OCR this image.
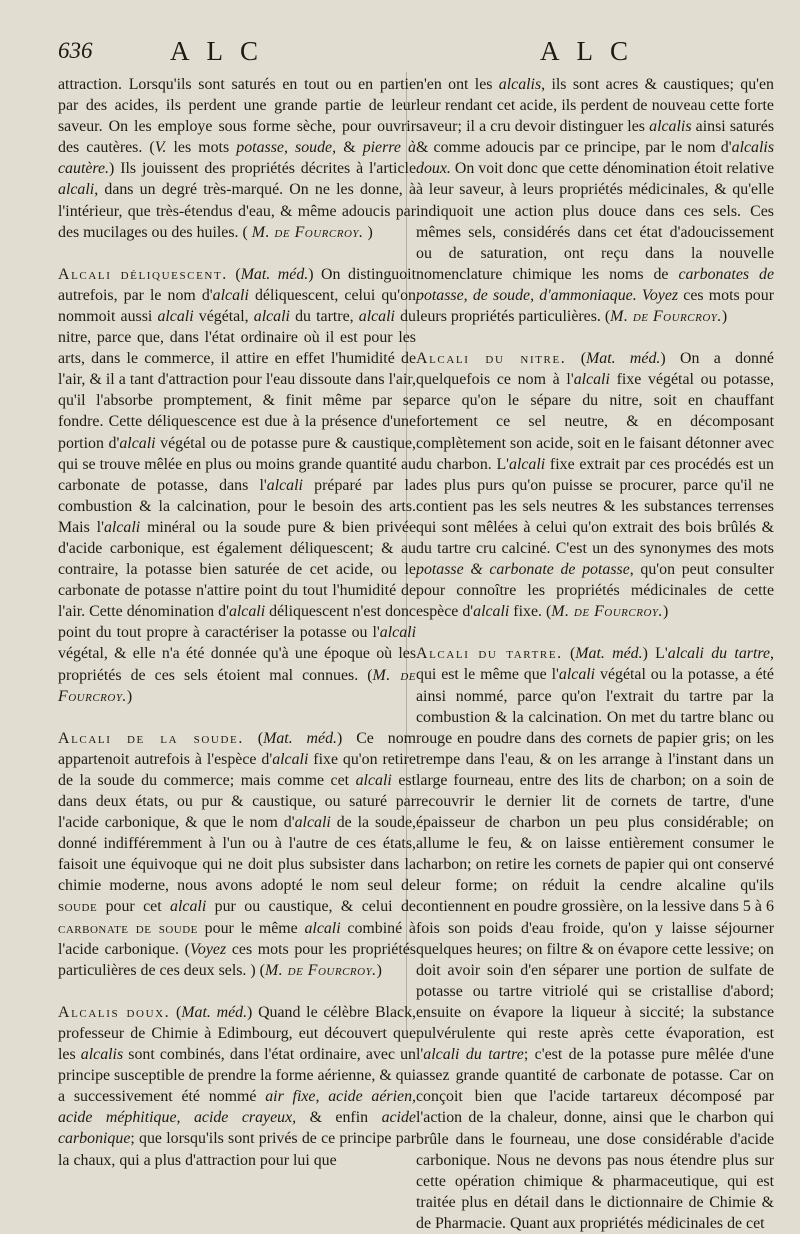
636	ALC	ALC

attraction. Lorsqu'ils sont saturés en tout ou en partie par des acides, ils perdent une grande partie de leur saveur. On les employe sous forme sèche, pour ouvrir des cautères. (V. les mots potasse, soude, & pierre à cautère.) Ils jouissent des propriétés décrites à l'article alcali, dans un degré très-marqué. On ne les donne, à l'intérieur, que très-étendus d'eau, & même adoucis par des mucilages ou des huiles. ( M. de Fourcroy. )

Alcali déliquescent. (Mat. méd.) On distinguoit autrefois, par le nom d'alcali déliquescent, celui qu'on nommoit aussi alcali végétal, alcali du tartre, alcali du nitre, parce que, dans l'état ordinaire où il est pour les arts, dans le commerce, il attire en effet l'humidité de l'air, & il a tant d'attraction pour l'eau dissoute dans l'air, qu'il l'absorbe promptement, & finit même par se fondre. Cette déliquescence est due à la présence d'une portion d'alcali végétal ou de potasse pure & caustique, qui se trouve mêlée en plus ou moins grande quantité au carbonate de potasse, dans l'alcali préparé par la combustion & la calcination, pour le besoin des arts. Mais l'alcali minéral ou la soude pure & bien privée d'acide carbonique, est également déliquescent; & au contraire, la potasse bien saturée de cet acide, ou le carbonate de potasse n'attire point du tout l'humidité de l'air. Cette dénomination d'alcali déliquescent n'est donc point du tout propre à caractériser la potasse ou l'alcali végétal, & elle n'a été donnée qu'à une époque où les propriétés de ces sels étoient mal connues. (M. de Fourcroy.)

Alcali de la soude. (Mat. méd.) Ce nom appartenoit autrefois à l'espèce d'alcali fixe qu'on retire de la soude du commerce; mais comme cet alcali est dans deux états, ou pur & caustique, ou saturé par l'acide carbonique, & que le nom d'alcali de la soude, donné indifféremment à l'un ou à l'autre de ces états, faisoit une équivoque qui ne doit plus subsister dans la chimie moderne, nous avons adopté le nom seul de soude pour cet alcali pur ou caustique, & celui de carbonate de soude pour le même alcali combiné à l'acide carbonique. (Voyez ces mots pour les propriétés particulières de ces deux sels. ) (M. de Fourcroy.)

Alcalis doux. (Mat. méd.) Quand le célèbre Black, professeur de Chimie à Edimbourg, eut découvert que les alcalis sont combinés, dans l'état ordinaire, avec un principe susceptible de prendre la forme aérienne, & qui a successivement été nommé air fixe, acide aérien, acide méphitique, acide crayeux, & enfin acide carbonique; que lorsqu'ils sont privés de ce principe par la chaux, qui a plus d'attraction pour lui que

n'en ont les alcalis, ils sont acres & caustiques; qu'en leur rendant cet acide, ils perdent de nouveau cette forte saveur; il a cru devoir distinguer les alcalis ainsi saturés & comme adoucis par ce principe, par le nom d'alcalis doux. On voit donc que cette dénomination étoit relative à leur saveur, à leurs propriétés médicinales, & qu'elle indiquoit une action plus douce dans ces sels. Ces mêmes sels, considérés dans cet état d'adoucissement ou de saturation, ont reçu dans la nouvelle nomenclature chimique les noms de carbonates de potasse, de soude, d'ammoniaque. Voyez ces mots pour leurs propriétés particulières. (M. de Fourcroy.)

Alcali du nitre. (Mat. méd.) On a donné quelquefois ce nom à l'alcali fixe végétal ou potasse, parce qu'on le sépare du nitre, soit en chauffant fortement ce sel neutre, & en décomposant complètement son acide, soit en le faisant détonner avec du charbon. L'alcali fixe extrait par ces procédés est un des plus purs qu'on puisse se procurer, parce qu'il ne contient pas les sels neutres & les substances terrenses qui sont mêlées à celui qu'on extrait des bois brûlés & du tartre cru calciné. C'est un des synonymes des mots potasse & carbonate de potasse, qu'on peut consulter pour connoître les propriétés médicinales de cette espèce d'alcali fixe. (M. de Fourcroy.)

Alcali du tartre. (Mat. méd.) L'alcali du tartre, qui est le même que l'alcali végétal ou la potasse, a été ainsi nommé, parce qu'on l'extrait du tartre par la combustion & la calcination. On met du tartre blanc ou rouge en poudre dans des cornets de papier gris; on les trempe dans l'eau, & on les arrange à l'instant dans un large fourneau, entre des lits de charbon; on a soin de recouvrir le dernier lit de cornets de tartre, d'une épaisseur de charbon un peu plus considérable; on allume le feu, & on laisse entièrement consumer le charbon; on retire les cornets de papier qui ont conservé leur forme; on réduit la cendre alcaline qu'ils contiennent en poudre grossière, on la lessive dans 5 à 6 fois son poids d'eau froide, qu'on y laisse séjourner quelques heures; on filtre & on évapore cette lessive; on doit avoir soin d'en séparer une portion de sulfate de potasse ou tartre vitriolé qui se cristallise d'abord; ensuite on évapore la liqueur à siccité; la substance pulvérulente qui reste après cette évaporation, est l'alcali du tartre; c'est de la potasse pure mêlée d'une assez grande quantité de carbonate de potasse. Car on conçoit bien que l'acide tartareux décomposé par l'action de la chaleur, donne, ainsi que le charbon qui brûle dans le fourneau, une dose considérable d'acide carbonique. Nous ne devons pas nous étendre plus sur cette opération chimique & pharmaceutique, qui est traitée plus en détail dans le dictionnaire de Chimie & de Pharmacie. Quant aux propriétés médicinales de cet
